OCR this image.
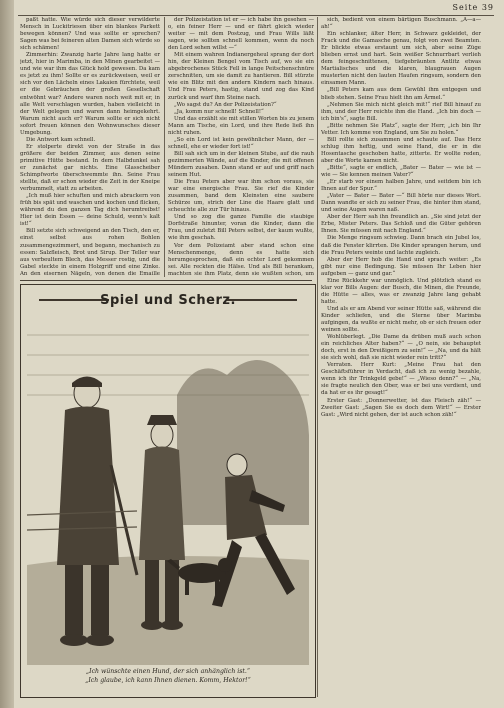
Seite 39

paßt hatte. Wie würde sich dieser verwilderte Mensch in Luckitriesen über ein blankes Parkett bewegen können? Und was sollte er sprechen? Sagen was bei feineren alten Damen sich würde so sich schämen!

Zimmerhin: Zwanzig harte Jahre lang hatte er jetzt, hier in Marimba, in den Minen gearbeitet — und wie war ihm das Glück hold gewesen. Da kam es jetzt zu ihm! Sollte er es zurückweisen, weil er sich vor den Lächeln eines Lakaien fürchtete, weil er die Gebräuchen der großen Gesellschaft entwöhnt war? Andere waren noch weit mit er, in alle Welt verschlagen wurden, haben vielleicht in der Welt gelegen und waren dann heimgekehrt. Warum nicht auch er? Warum sollte er sich nicht sofort freuen können den Wohnwunsches dieser Umgebung.

Die Antwort kam schnell.

Er stolperte direkt von der Straße in das größere der beiden Zimmer, aus denen seine primitive Hütte bestand. In dem Halbdunkel sah er zunächst gar nichts. Eine Glasscheiber Schimpfworte überschwemmte ihn. Seine Frau stellte, daß er schon wieder die Zeit in der Kneipe verbummelt, statt zu arbeiten.

„Ich muß hier schuften und mich abrackern von früh bis spät und waschen und kochen und flicken, während du den ganzen Tag dich herumtreibst! Hier ist dein Essen — deine Schuld, wenn's kalt ist!“

Bill setzte sich schweigend an den Tisch, den er, einst selbst aus rohen Bohlen zusammengezimmert, und begann, mechanisch zu essen: Salzfleisch, Brot und Sirup. Der Teller war aus verbeultem Blech, das Messer rostig, und die Gabel steckte in einem Holzgriff und eine Zinke. An den eisernen Nägeln, von denen die Emaille

der Polizeistation ist er — ich habe ihn gesehen — o, ein feiner Herr — und er fährt gleich wieder weiter — mit dem Postzug, und Frau Wills läßt sagen, wie sollten schnell kommen, wenn du noch den Lord sehen willst —“

Mit einem wahren Indianergeheul sprang der dort hin, der Kleinen Bengel vom Tisch auf, wo sie ein abgebrochenes Stück Fell in lange Peitschenschnüre zerschnitten, um sie damit zu hantieren. Bill stürzte wie ein Blitz mit den andern Kindern nach hinaus. Und Frau Peters, hastig, stand und zog das Kind zurück und warf ihm Steine nach.

„Wo sagst du? An der Polizeistation?“

„Ja, komm nur schnell! Schnell!“

Und das erzählt sie mit stillen Worten bis zu jenem Mann am Tische, ein Lord, und ihre Rede ließ ihn nicht ruhen.

„So ein Lord ist kein gewöhnlicher Mann, der — schnell, ehe er wieder fort ist!“

Bill sah sich um in der kleinen Stube, auf die rauh gezimmerten Wände, auf die Kinder, die mit offenen Mündern zusahen. Dann stand er auf und griff nach seinem Hut.

Die Frau Peters aber war ihm schon voraus, sie war eine energische Frau. Sie rief die Kinder zusammen, band dem Kleinsten eine saubere Schürze um, strich der Line die Haare glatt und scheuchte alle zur Tür hinaus.

Und so zog die ganze Familie die staubige Dorfstraße hinunter, voran die Kinder, dann die Frau, und zuletzt Bill Peters selbst, der kaum wußte, wie ihm geschah.

Vor dem Polizeiamt aber stand schon eine Menschenmenge, denn es hatte sich herumgesprochen, daß ein echter Lord gekommen sei. Alle reckten die Hälse. Und als Bill herankam, machten sie ihm Platz, denn sie wußten schon, um

sich, bedient von einem bärtigen Buschmann. „A—a—ah!“

Ein schlanker, älter Herr, in Schwarz gekleidet, der Frack und die Gamasche genau, folgt von zwei Beamten. Er blickte etwas erstaunt um sich, aber seine Züge blieben ernst und hart. Sein weißer Schnurrbart verlieh dem feingeschnittenen, tiefgebräunten Antlitz etwas Martialisches und die klaren, blaugrauen Augen musterten nicht den lauten Haufen ringsum, sondern den einsamen Mann.

„Bill Peters kam aus dem Gewühl ihm entgegen und blieb stehen. Seine Frau hielt ihn am Ärmel.“

„Nehmen Sie mich nicht gleich mit!“ rief Bill hinauf zu ihm, und der Herr reichte ihm die Hand. „Ich bin doch — ich bin's“, sagte Bill.

„Bitte nehmen Sie Platz“, sagte der Herr, „ich bin Ihr Vetter. Ich komme von England, um Sie zu holen.“

Bill rollte sich zusammen und schaute auf. Das Herz schlug ihm heftig, und seine Hand, die er in die Hosentasche geschoben hatte, zitterte. Er wollte reden, aber die Worte kamen nicht.

„Bitte“, sagte er endlich, „Bater — Bater — wie ist — wie — Sie kennen meinen Vater?“

„Er starb vor einem halben Jahre, und seitdem bin ich Ihnen auf der Spur.“

„Vater — Bater — Bater —“ Bill hörte nur dieses Wort. Dann wandte er sich zu seiner Frau, die hinter ihm stand, und seine Augen waren naß.

Aber der Herr sah ihn freundlich an. „Sie sind jetzt der Erbe, Mister Peters. Das Schloß und die Güter gehören Ihnen. Sie müssen mit nach England.“

Die Menge ringsum schwieg. Dann brach ein Jubel los, daß die Fenster klirrten. Die Kinder sprangen herum, und die Frau Peters weinte und lachte zugleich.

Aber der Herr hob die Hand und sprach weiter: „Es gibt nur eine Bedingung. Sie müssen Ihr Leben hier aufgeben — ganz und gar.“

Eine Rückkehr war unmöglich. Und plötzlich stand es klar vor Bills Augen: der Busch, die Minen, die Freunde, die Hütte — alles, was er zwanzig Jahre lang gehabt hatte.

Und als er am Abend vor seiner Hütte saß, während die Kinder schliefen, und die Sterne über Marimba aufgingen, da wußte er nicht mehr, ob er sich freuen oder weinen sollte.

Wohlüberlegt. „Die Dame da drüben muß auch schon ein reichliches Alter haben?“ — „O nein, sie behauptet doch, erst in den Dreißigern zu sein!“ — „Na, und da hält sie sich wohl, daß sie nicht wieder rein tritt?“

Verraten. Herr Kurt: „Meine Frau hat den Geschäftsführer in Verdacht, daß ich zu wenig bezahle, wenn ich ihr Trinkgeld gebe!“ — „Wieso denn?“ — „Na, sie fragte neulich den Ober, was er bei uns verdient, und da hat er es ihr gesagt!“

Erster Gast: „Donnerwetter, ist das Fleisch zäh!“ — Zweiter Gast: „Sagen Sie es doch dem Wirt!“ — Erster Gast: „Wird nicht gehen, der ist auch schon zäh!“

Spiel und Scherz.
„Ich wünschte einen Hund, der sich anhänglich ist.“
„Ich glaube, ich kann Ihnen dienen. Komm, Hektor!“
